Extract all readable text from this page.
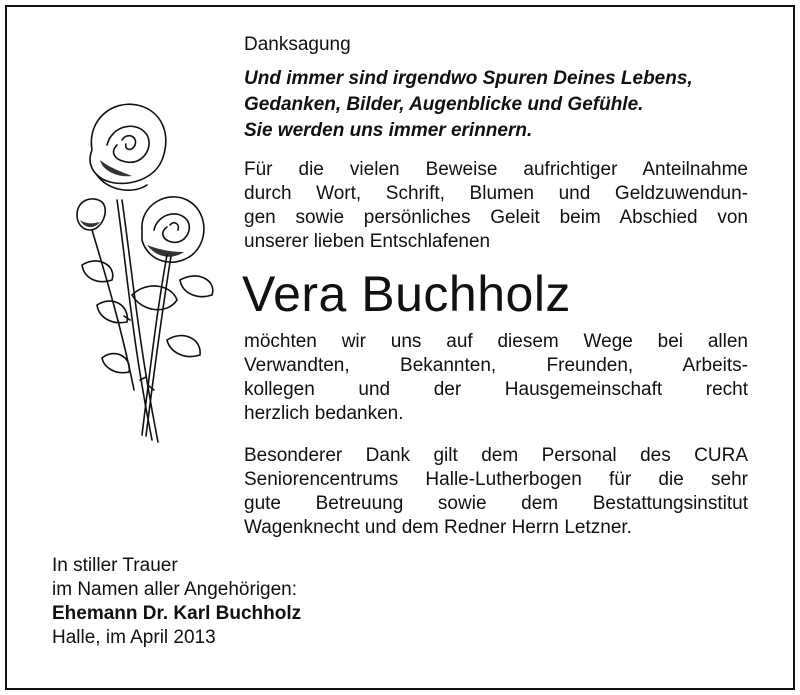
Danksagung
Und immer sind irgendwo Spuren Deines Lebens,
Gedanken, Bilder, Augenblicke und Gefühle.
Sie werden uns immer erinnern.
Für die vielen Beweise aufrichtiger Anteilnahme
durch Wort, Schrift, Blumen und Geldzuwendun-
gen sowie persönliches Geleit beim Abschied von
unserer lieben Entschlafenen
Vera Buchholz
möchten wir uns auf diesem Wege bei allen
Verwandten, Bekannten, Freunden, Arbeits-
kollegen und der Hausgemeinschaft recht
herzlich bedanken.
Besonderer Dank gilt dem Personal des CURA
Seniorencentrums Halle-Lutherbogen für die sehr
gute Betreuung sowie dem Bestattungsinstitut
Wagenknecht und dem Redner Herrn Letzner.
In stiller Trauer
im Namen aller Angehörigen:
Ehemann Dr. Karl Buchholz
Halle, im April 2013
